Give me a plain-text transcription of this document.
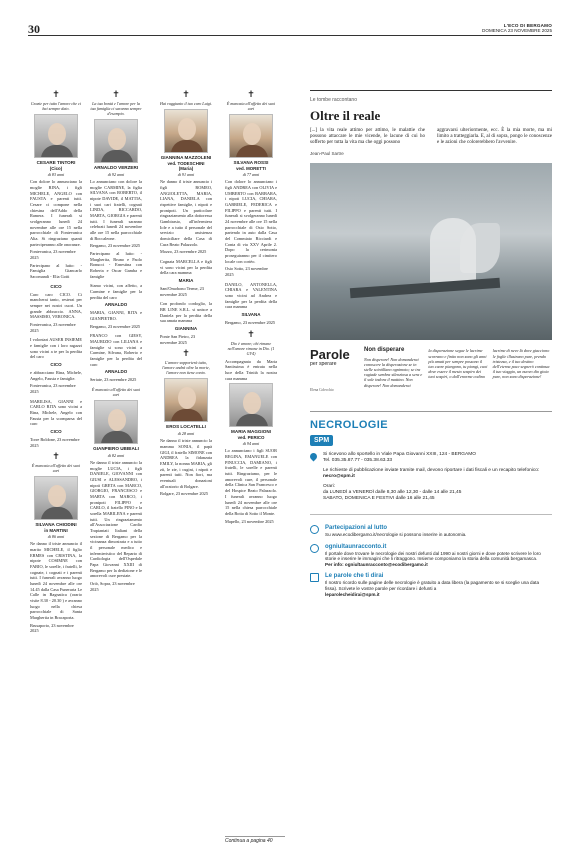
30	L'ECO DI BERGAMO
DOMENICA 23 NOVEMBRE 2025
✝
Grazie per tutto l'amore che ci hai sempre dato.
CESARE TINTORI
(Cico)
di 83 anni
Con dolore lo annunciano la moglie RINA, i figli MICHELE, ANGELO con FAUSTA e parenti tutti. Cesare ci compone nella chiesina dell'Addo della Ramera. I funerali si svolgeranno lunedì 24 novembre alle ore 15 nella parrocchiale di Fontevanica Alta. Si ringraziano quanti parteciperanno alle onoranze.
Fontevanica, 23 novembre 2025
Partecipano al lutto: - Famiglia Giancarlo Sacomandi - Elia Gotti
CICO
Caro caro CICO. Ci mancherai tanto, resterai per sempre nei nostri cuori. Un grande abbraccio. ANNA, MASSIMO, VERONICA.
Fontevanica, 23 novembre 2025
I volontari AUSER INSIEME e famiglie con i loro ragazzi sono vicini a te per la perdita del caro
CICO
e abbracciano Rina, Michele, Angelo, Fausta e famiglie.
Fontevanica, 23 novembre 2025
MARILISA, GIANNI e CARLO RITA sono vicini a Rina, Michele, Angelo con Fausta per la scomparsa del caro
CICO
Torre Boldone, 23 novembre 2025
✝
È mancata all'affetto dei suoi cari
SILVANA CHIODINI
in MARTINI
di 86 anni
Ne danno il triste annuncio il marito MICHELE, il figlio ERMES con CRISTINA, la nipote COSIMNE con FABIO, le sorelle, i fratelli, le cognate, i cognati e i parenti tutti. I funerali avranno luogo lunedì 24 novembre alle ore 14.45 dalla Casa Funeraria Le Calle in Bagnatica (orario visite 8.30 - 20.30 ) e avranno luogo nella chiesa parrocchiale di Santa Marghertia in Bracaporta.
Brusaporto, 23 novembre 2025
✝
La tua bontà e l'amore per la tua famiglia ci saranno sempre d'esempio.
ARNALDO VERZERI
di 92 anni
Lo annunciano con dolore la moglie CARMINE, la figlia SILVANA con ROBERTO, il nipote DAVIDE, il MATTIA, i suoi cari fratelli, cognati LINDA, RICCARDO, MARTA, GIORGIA e parenti tutti. I funerali saranno celebrati lunedì 24 novembre alle ore 15 nella parrocchiale di Boccaleone.
Bergamo, 23 novembre 2025
Partecipano al lutto: - Margherita, Bruno e Paolo Bonucci - Ernestina con Roberta e Oscar Gamba e famiglie
Siamo vicini, con affetto, a Carmine e famiglie per la perdita del caro
ARNALDO
MARIA, GIANNI, RITA e GIANPIETRO.
Bergamo, 23 novembre 2025
FRANCO con GIESY, MAURIZIO con LILIANA e famiglie si sono vicini a Carmine, Silvana, Roberto e famiglie per la perdita del caro
ARNALDO
Seriate, 23 novembre 2025
È mancato all'affetto dei suoi cari
GIANPIERO UBBIALI
di 82 anni
Ne danno il triste annuncio la moglie LUCIA, i figli DANIELE, GIOVANNI con GIUSI e ALESSANDRO, i nipoti GRETA con MARCO, GIORGIO, FRANCESCO e MARTA con MARCO, i pronipoti FILIPPO e CARLO, il fratello PINO e la sorella MARILENA e parenti tutti. Un ringraziamento all'Associazione Cardio Trapiantati Italiani della sezione di Bergamo per la vicinanza dimostrata e a tutto il personale medico e infermieristico del Reparto di Cardiologia dell'Ospedale Papa Giovanni XXIII di Bergamo per la dedizione e le amorevoli cure prestate.
Oriò, Sopra, 23 novembre 2025
✝
Hai raggiunto il tuo caro Luigi.
GIANNINA MAZZOLENI
ved. TODESCHINI
(Maria)
di 91 anni
Ne danno il triste annuncio i figli ROMEO, ANGIOLETTA, MARIA, LIANA, DANIELA con rispettive famiglie, i nipoti e pronipoti. Un particolare ringraziamento alla dottoressa Gambirasio, all'infermiera Iole e a tutto il personale del servizio assistenza domiciliare della Casa di Cura Beato Palazzolo.
Mozzo, 23 novembre 2025
Cognata MARCELLA e figli vi sono vicini per la perdita della cara mamma
MARIA
Sant'Omobono Terme, 23 novembre 2025
Con profondo cordoglio, la BR LINE S.R.L. si unisce a Daniela per la perdita della sua amata mamma
GIANNINA
Ponte San Pietro, 23 novembre 2025
✝
L'amore sopporterà tutto, l'amore andrà oltre la morte, l'amore non tiene conto.
EROS LOCATELLI
di 28 anni
Ne danno il triste annuncio la mamma SONIA, il papà GIGI, il fratello SIMONE con ANDREA la fidanzata EMILY, la nonna MARIA, gli zii, le zie, i cugini, i nipoti e parenti tutti. Non fiori, ma eventuali donazioni all'oratorio di Bolgare.
Bolgare, 23 novembre 2025
✝
È mancata all'affetto dei suoi cari
SILVANA ROSSI
ved. MORETTI
di 77 anni
Con dolore lo annunciano i figli ANDREA con OLIVIA e UMBERTO con BARBARA, i nipoti LUCIA, CHIARA, GABRIELE, FEDERICA e FILIPPO e parenti tutti. I funerali si svolgeranno lunedì 24 novembre alle ore 15 nella parrocchiale di Osio Sotto, partendo in auto dalla Casa del Commiato Ricciardi e Conta di via XXV Aprile 2. Dopo la cerimonia proseguiranno per il cimitero locale con cortèo.
Osio Sotto, 23 novembre 2025
DANILO, ANTONELLA, CHIARA e VALENTINA sono vicini ad Andrea e famiglie per la perdita della cara mamma
SILVANA
Bergamo, 23 novembre 2025
✝
Dio è amore; chi rimane nell'amore rimane in Dio. (1 GV4)
Accompagnata da Maria Santissima è entrata nella luce della Trinità la nostra cara mamma
MARIA MAGGIONI
ved. PERICO
di 94 anni
Lo annunciano i figli SUOR REGINA, EMANUELE con PINUCCIA, DAMIANO, i fratelli, le sorelle e parenti tutti. Ringraziamo, per le amorevoli cure, il personale della Clinica San Francesco e del Hospice Beato Palazzolo. I funerali avranno luogo lunedì 24 novembre alle ore 15 nella chiesa parrocchiale della Botta di Sotto il Monte.
Mapello, 23 novembre 2025
Continua a pagina 40
Le tombe raccontano
Oltre il reale

[...] la vita reale attimo per attimo, le malattie che possono attaccare le mie vicende, le lacune di cui ho sofferto per tutta la vita ma che oggi possono

aggravarsi ulteriormente, ecc. È la mia morte, ma mi limito a tratteggiarla. E, al di sopra, pongo le conoscenze e le azioni che colorerebbero l'avvenire.

Jean-Paul Sartre
Parole
per sperare
Elena Colecchio
Non disperare
Non disperare! Non domanderai conoscere la disperazione se in stelle scintillano ognimoto; se tra rugiade sembra silenziosa a sera e il sole indora il mattino. Non disperare! Non domanderai
la disperazione segue le lacrime scorrano e finito non sono gli anni più amati per sempre possono il tuo cuore piangono, tu piangi, cuoi dove essere il mesto sospiro dei tuoi sospiri, o dall'enorme codino
lacrime di neve là dove giacciono le foglie illustrano pure, prendo tristezza, e il tuo destino dell'eterna pace segnerò continua il tuo viaggio, un nuovo dio gioia pure, non sono disperazione!
NECROLOGIE
SPM
Si ricevono allo sportello in Viale Papa Giovanni XXIII, 124 - BERGAMO
Tel. 035.35.87.77 - 035.38.63.33
Le richieste di pubblicazione inviate tramite mail, devono riportare i dati fiscali e un recapito telefonico:
necro@spm.it
Orari:
da LUNEDÌ a VENERDÌ dalle 8,30 alle 12,30 - dalle 14 alle 21,45
SABATO, DOMENICA E FESTIVI dalle 16 alle 21,45
Partecipazioni al lutto
Su www.ecodibergamo.it/necrologie si possono inserire in autonomia.
ogniultaunraccontо.it
Il portale dove trovare le necrologie dei nostri defunti dal 1990 ai nostri giorni e dove potete scrivere le loro storie e inserire le immagini che li ritraggono. Insieme componiamo la storia della comunità bergamasca.
Per info: ogniultaunracconto@ecodibergamo.it
Le parole che ti dirai
Il nostro ricordo sulle pagine delle necrologie è gratuito a data libera (la pagamento se si sceglie una data fissa). Scrivete le vostre parole per ricordare i defunti a
leparolecheidirai@spm.it
